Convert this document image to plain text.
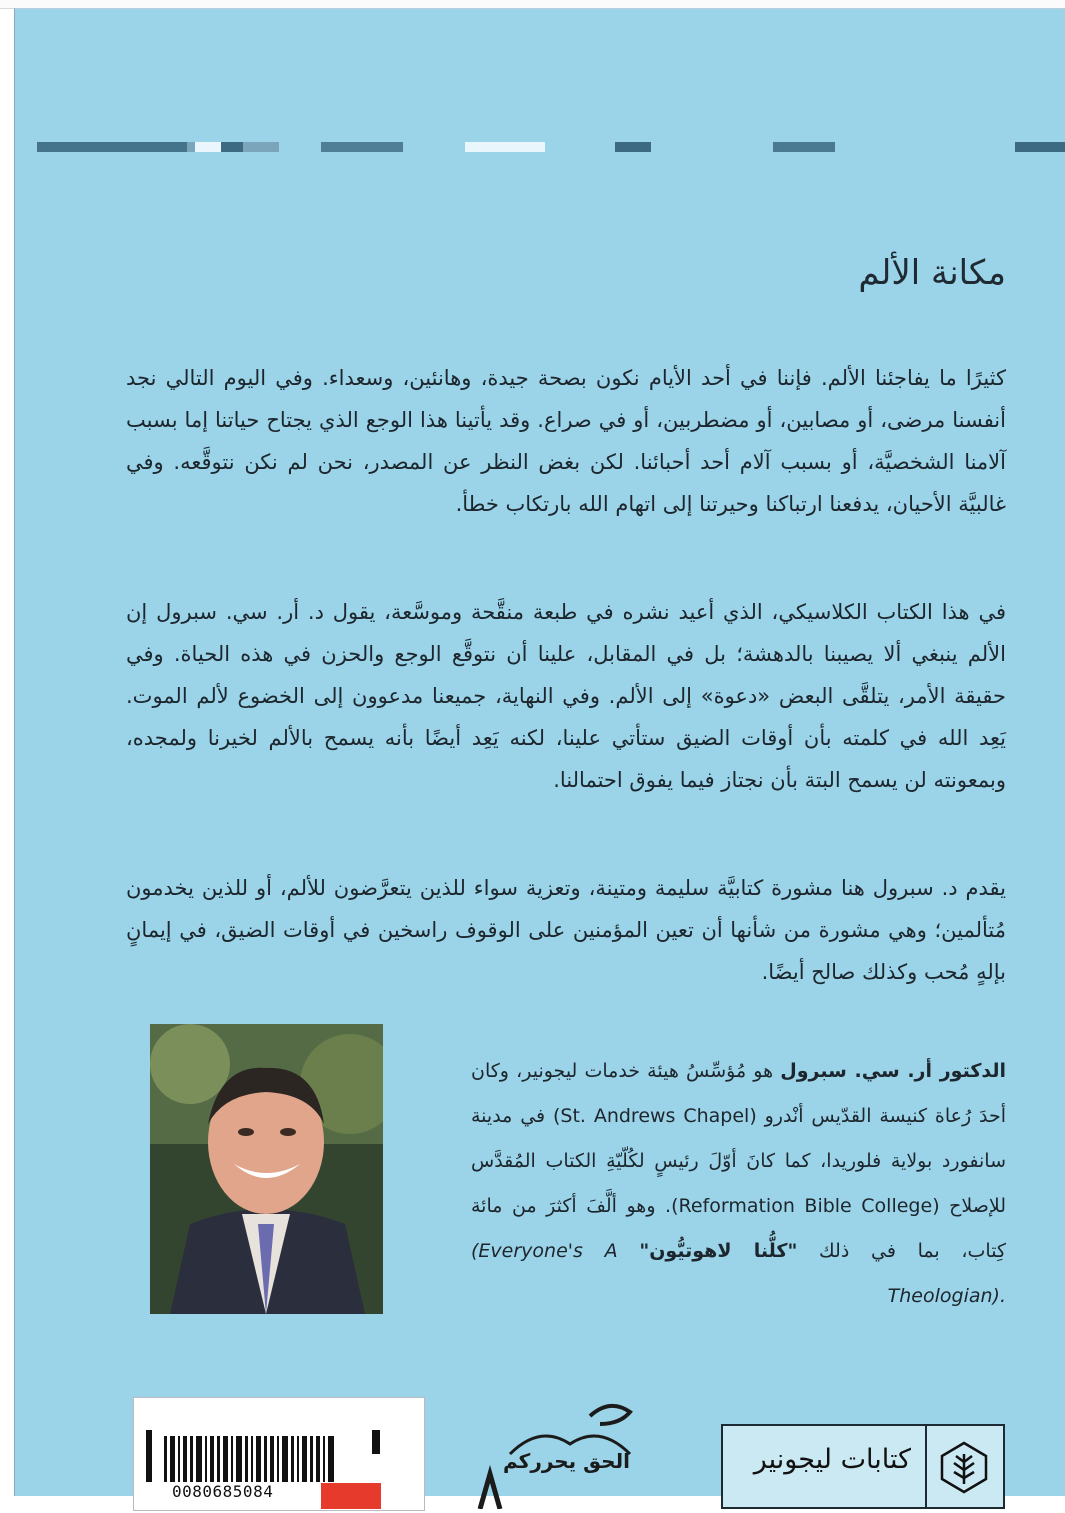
مكانة الألم

كثيرًا ما يفاجئنا الألم. فإننا في أحد الأيام نكون بصحة جيدة، وهانئين، وسعداء. وفي اليوم التالي نجد أنفسنا مرضى، أو مصابين، أو مضطربين، أو في صراع. وقد يأتينا هذا الوجع الذي يجتاح حياتنا إما بسبب آلامنا الشخصيَّة، أو بسبب آلام أحد أحبائنا. لكن بغض النظر عن المصدر، نحن لم نكن نتوقَّعه. وفي غالبيَّة الأحيان، يدفعنا ارتباكنا وحيرتنا إلى اتهام الله بارتكاب خطأ.

في هذا الكتاب الكلاسيكي، الذي أعيد نشره في طبعة منقَّحة وموسَّعة، يقول د. أر. سي. سبرول إن الألم ينبغي ألا يصيبنا بالدهشة؛ بل في المقابل، علينا أن نتوقَّع الوجع والحزن في هذه الحياة. وفي حقيقة الأمر، يتلقَّى البعض «دعوة» إلى الألم. وفي النهاية، جميعنا مدعوون إلى الخضوع لألم الموت. يَعِد الله في كلمته بأن أوقات الضيق ستأتي علينا، لكنه يَعِد أيضًا بأنه يسمح بالألم لخيرنا ولمجده، وبمعونته لن يسمح البتة بأن نجتاز فيما يفوق احتمالنا.

يقدم د. سبرول هنا مشورة كتابيَّة سليمة ومتينة، وتعزية سواء للذين يتعرَّضون للألم، أو للذين يخدمون مُتألمين؛ وهي مشورة من شأنها أن تعين المؤمنين على الوقوف راسخين في أوقات الضيق، في إيمانٍ بإلهٍ مُحب وكذلك صالح أيضًا.

الدكتور أر. سي. سبرول هو مُؤسِّسُ هيئة خدمات ليجونير، وكان أحدَ رُعاة كنيسة القدّيس أنْدرو (St. Andrews Chapel) في مدينة سانفورد بولاية فلوريدا، كما كانَ أوّلَ رئيسٍ لكُلّيّةِ الكتاب المُقدَّس للإصلاح (Reformation Bible College). وهو ألَّفَ أكثرَ من مائة كِتاب، بما في ذلك "كلُّنا لاهوتيُّون" (Everyone's A Theologian).

0080685084
الحق يحرركم	كتابات ليجونير
